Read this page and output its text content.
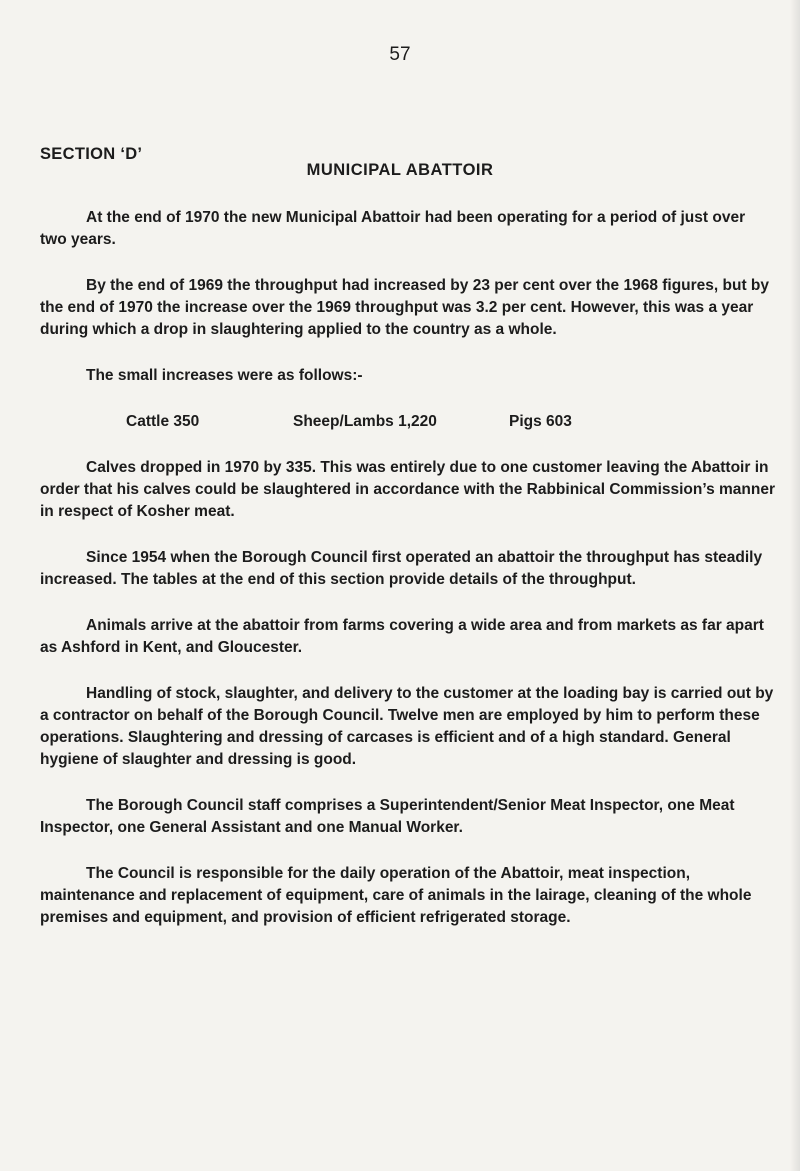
57
SECTION ‘D’
MUNICIPAL ABATTOIR

At the end of 1970 the new Municipal Abattoir had been operating for a period of just over two years.

By the end of 1969 the throughput had increased by 23 per cent over the 1968 figures, but by the end of 1970 the increase over the 1969 throughput was 3.2 per cent. However, this was a year during which a drop in slaughtering applied to the country as a whole.

The small increases were as follows:-

Cattle 350	Sheep/Lambs 1,220	Pigs 603

Calves dropped in 1970 by 335. This was entirely due to one customer leaving the Abattoir in order that his calves could be slaughtered in accordance with the Rabbinical Commission’s manner in respect of Kosher meat.

Since 1954 when the Borough Council first operated an abattoir the throughput has steadily increased. The tables at the end of this section provide details of the throughput.

Animals arrive at the abattoir from farms covering a wide area and from markets as far apart as Ashford in Kent, and Gloucester.

Handling of stock, slaughter, and delivery to the customer at the loading bay is carried out by a contractor on behalf of the Borough Council. Twelve men are employed by him to perform these operations. Slaughtering and dressing of carcases is efficient and of a high standard. General hygiene of slaughter and dressing is good.

The Borough Council staff comprises a Superintendent/Senior Meat Inspector, one Meat Inspector, one General Assistant and one Manual Worker.

The Council is responsible for the daily operation of the Abattoir, meat inspection, maintenance and replacement of equipment, care of animals in the lairage, cleaning of the whole premises and equipment, and provision of efficient refrigerated storage.
